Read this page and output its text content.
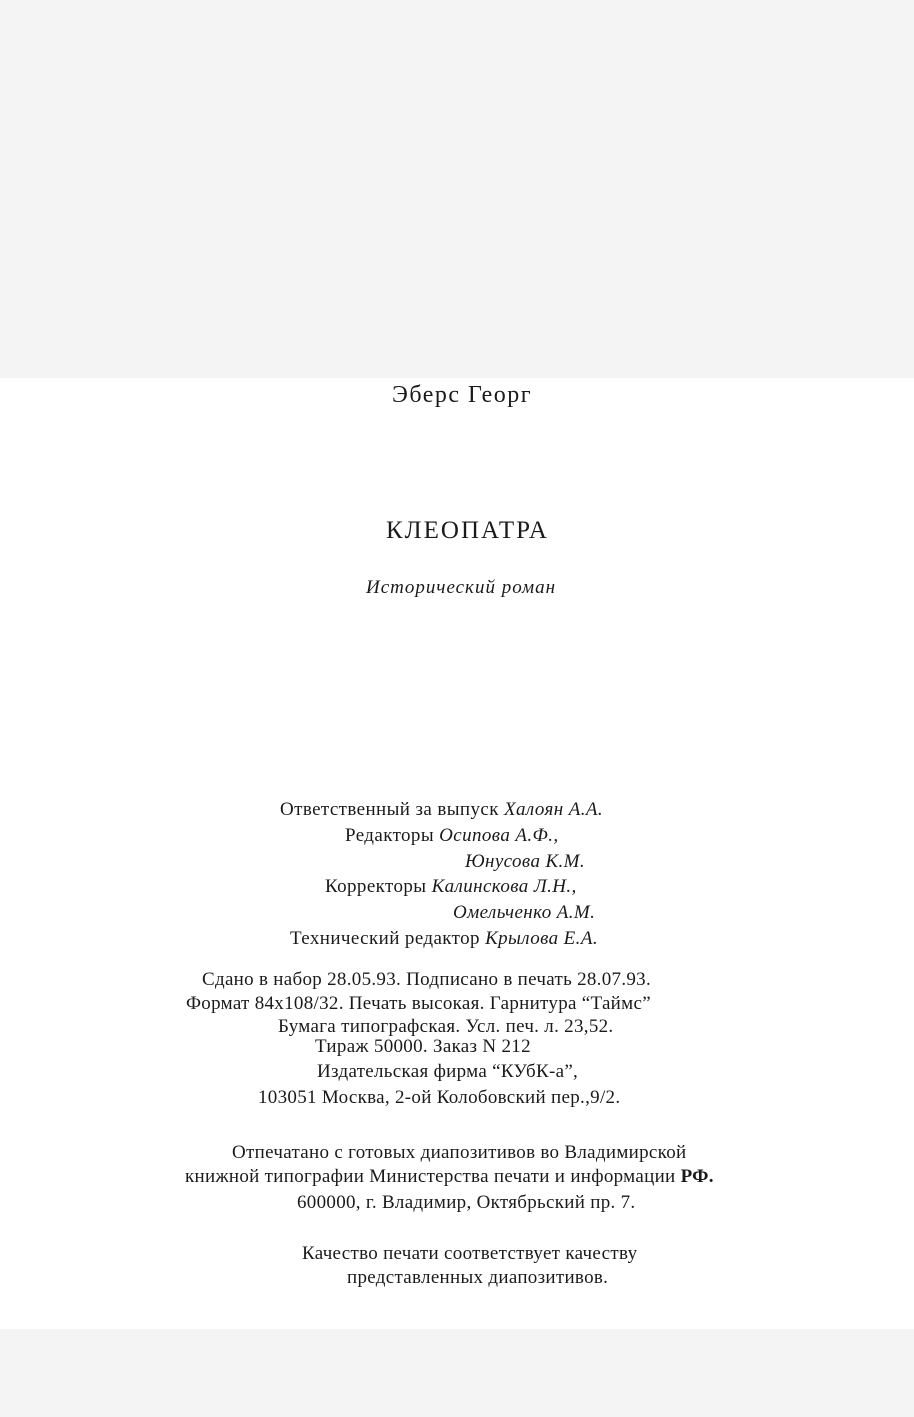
Эберс Георг

КЛЕОПАТРА

Исторический роман

Ответственный за выпуск Халоян А.А.

Редакторы Осипова А.Ф.,

Юнусова К.М.

Корректоры Калинскова Л.Н.,

Омельченко А.М.

Технический редактор Крылова Е.А.

Сдано в набор 28.05.93. Подписано в печать 28.07.93.

Формат 84х108/32. Печать высокая. Гарнитура “Таймс”

Бумага типографская. Усл. печ. л. 23,52.

Тираж 50000. Заказ N 212

Издательская фирма “КУбК-а”,

103051 Москва, 2-ой Колобовский пер.,9/2.

Отпечатано с готовых диапозитивов во Владимирской

книжной типографии Министерства печати и информации РФ.

600000, г. Владимир, Октябрьский пр. 7.

Качество печати соответствует качеству

представленных диапозитивов.
